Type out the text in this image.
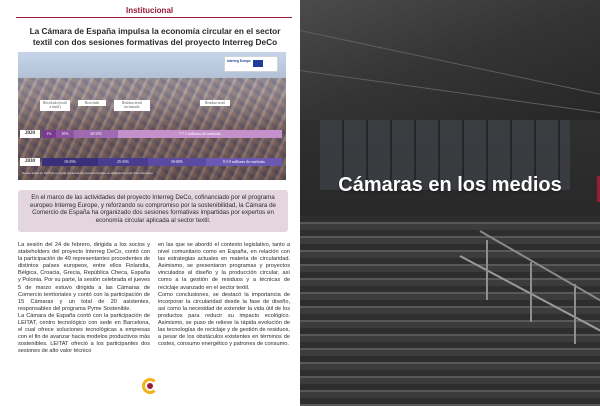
Institucional
La Cámara de España impulsa la economía circular en el sector textil con dos sesiones formativas del proyecto Interreg DeCo
Interreg Europe
Reciclado (textil a textil)
Reciclado	Residuo textil incinerado
Residuo textil
2020	1%	10%	30-35%	7-7.5 millones de toneladas
2030	18-25%	25-35%	50-80%	8.5-9 millones de toneladas
Desde antes de 2025 la recogida separada de residuos textiles es obligatoria en la Unión Europea
En el marco de las actividades del proyecto Interreg DeCo, cofinanciado por el programa europeo Interreg Europe, y reforzando su compromiso por la sostenibilidad, la Cámara de Comercio de España ha organizado dos sesiones formativas impartidas por expertos en economía circular aplicada al sector textil.

La sesión del 24 de febrero, dirigida a los socios y stakeholders del proyecto Interreg DeCo, contó con la participación de 49 representantes procedentes de distintos países europeos, entre ellos Finlandia, Bélgica, Croacia, Grecia, República Checa, España y Polonia. Por su parte, la sesión celebrada el jueves 5 de marzo estuvo dirigida a las Cámaras de Comercio territoriales y contó con la participación de 15 Cámaras y un total de 20 asistentes, responsables del programa Pyme Sostenible.

La Cámara de España contó con la participación de LEITAT, centro tecnológico con sede en Barcelona, el cual ofrece soluciones tecnológicas a empresas con el fin de avanzar hacia modelos productivos más sostenibles. LEITAT ofreció a los participantes dos sesiones de alto valor técnico

en las que se abordó el contexto legislativo, tanto a nivel comunitario como en España, en relación con las estrategias actuales en materia de circularidad. Asimismo, se presentaron programas y proyectos vinculados al diseño y la producción circular, así como a la gestión de residuos y a técnicas de reciclaje avanzado en el sector textil.

Como conclusiones, se destacó la importancia de incorporar la circularidad desde la fase de diseño, así como la necesidad de extender la vida útil de los productos para reducir su impacto ecológico. Asimismo, se puso de relieve la rápida evolución de las tecnologías de reciclaje y de gestión de residuos, a pesar de los obstáculos existentes en términos de costes, consumo energético y patrones de consumo.

Cámaras en los medios
